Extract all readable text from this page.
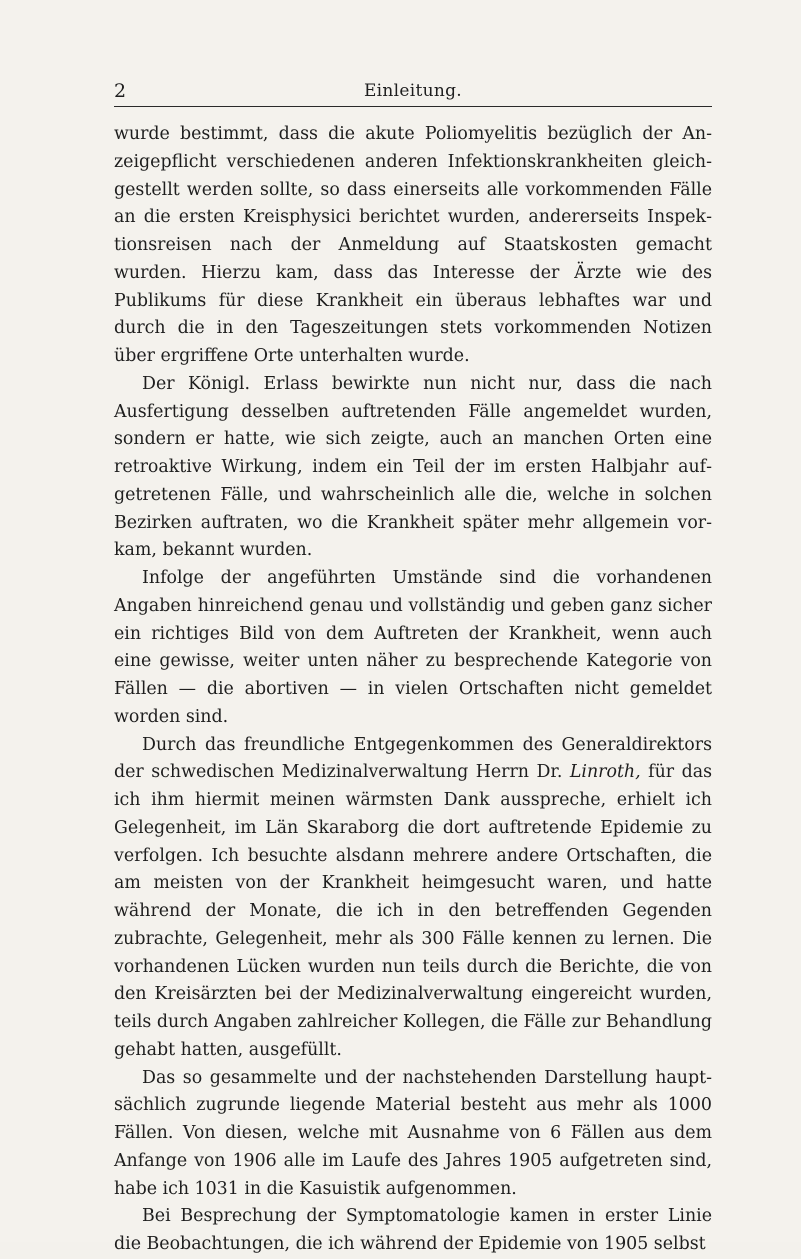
2	Einleitung.

wurde bestimmt, dass die akute Poliomyelitis bezüglich der Anzeigepflicht verschiedenen anderen Infektionskrankheiten gleichgestellt werden sollte, so dass einerseits alle vorkommenden Fälle an die ersten Kreisphysici berichtet wurden, andererseits Inspektionsreisen nach der Anmeldung auf Staatskosten gemacht wurden. Hierzu kam, dass das Interesse der Ärzte wie des Publikums für diese Krankheit ein überaus lebhaftes war und durch die in den Tageszeitungen stets vorkommenden Notizen über ergriffene Orte unterhalten wurde.

Der Königl. Erlass bewirkte nun nicht nur, dass die nach Ausfertigung desselben auftretenden Fälle angemeldet wurden, sondern er hatte, wie sich zeigte, auch an manchen Orten eine retroaktive Wirkung, indem ein Teil der im ersten Halbjahr aufgetretenen Fälle, und wahrscheinlich alle die, welche in solchen Bezirken auftraten, wo die Krankheit später mehr allgemein vorkam, bekannt wurden.

Infolge der angeführten Umstände sind die vorhandenen Angaben hinreichend genau und vollständig und geben ganz sicher ein richtiges Bild von dem Auftreten der Krankheit, wenn auch eine gewisse, weiter unten näher zu besprechende Kategorie von Fällen — die abortiven — in vielen Ortschaften nicht gemeldet worden sind.

Durch das freundliche Entgegenkommen des Generaldirektors der schwedischen Medizinalverwaltung Herrn Dr. Linroth, für das ich ihm hiermit meinen wärmsten Dank ausspreche, erhielt ich Gelegenheit, im Län Skaraborg die dort auftretende Epidemie zu verfolgen. Ich besuchte alsdann mehrere andere Ortschaften, die am meisten von der Krankheit heimgesucht waren, und hatte während der Monate, die ich in den betreffenden Gegenden zubrachte, Gelegenheit, mehr als 300 Fälle kennen zu lernen. Die vorhandenen Lücken wurden nun teils durch die Berichte, die von den Kreisärzten bei der Medizinalverwaltung eingereicht wurden, teils durch Angaben zahlreicher Kollegen, die Fälle zur Behandlung gehabt hatten, ausgefüllt.

Das so gesammelte und der nachstehenden Darstellung hauptsächlich zugrunde liegende Material besteht aus mehr als 1000 Fällen. Von diesen, welche mit Ausnahme von 6 Fällen aus dem Anfange von 1906 alle im Laufe des Jahres 1905 aufgetreten sind, habe ich 1031 in die Kasuistik aufgenommen.

Bei Besprechung der Symptomatologie kamen in erster Linie die Beobachtungen, die ich während der Epidemie von 1905 selbst
